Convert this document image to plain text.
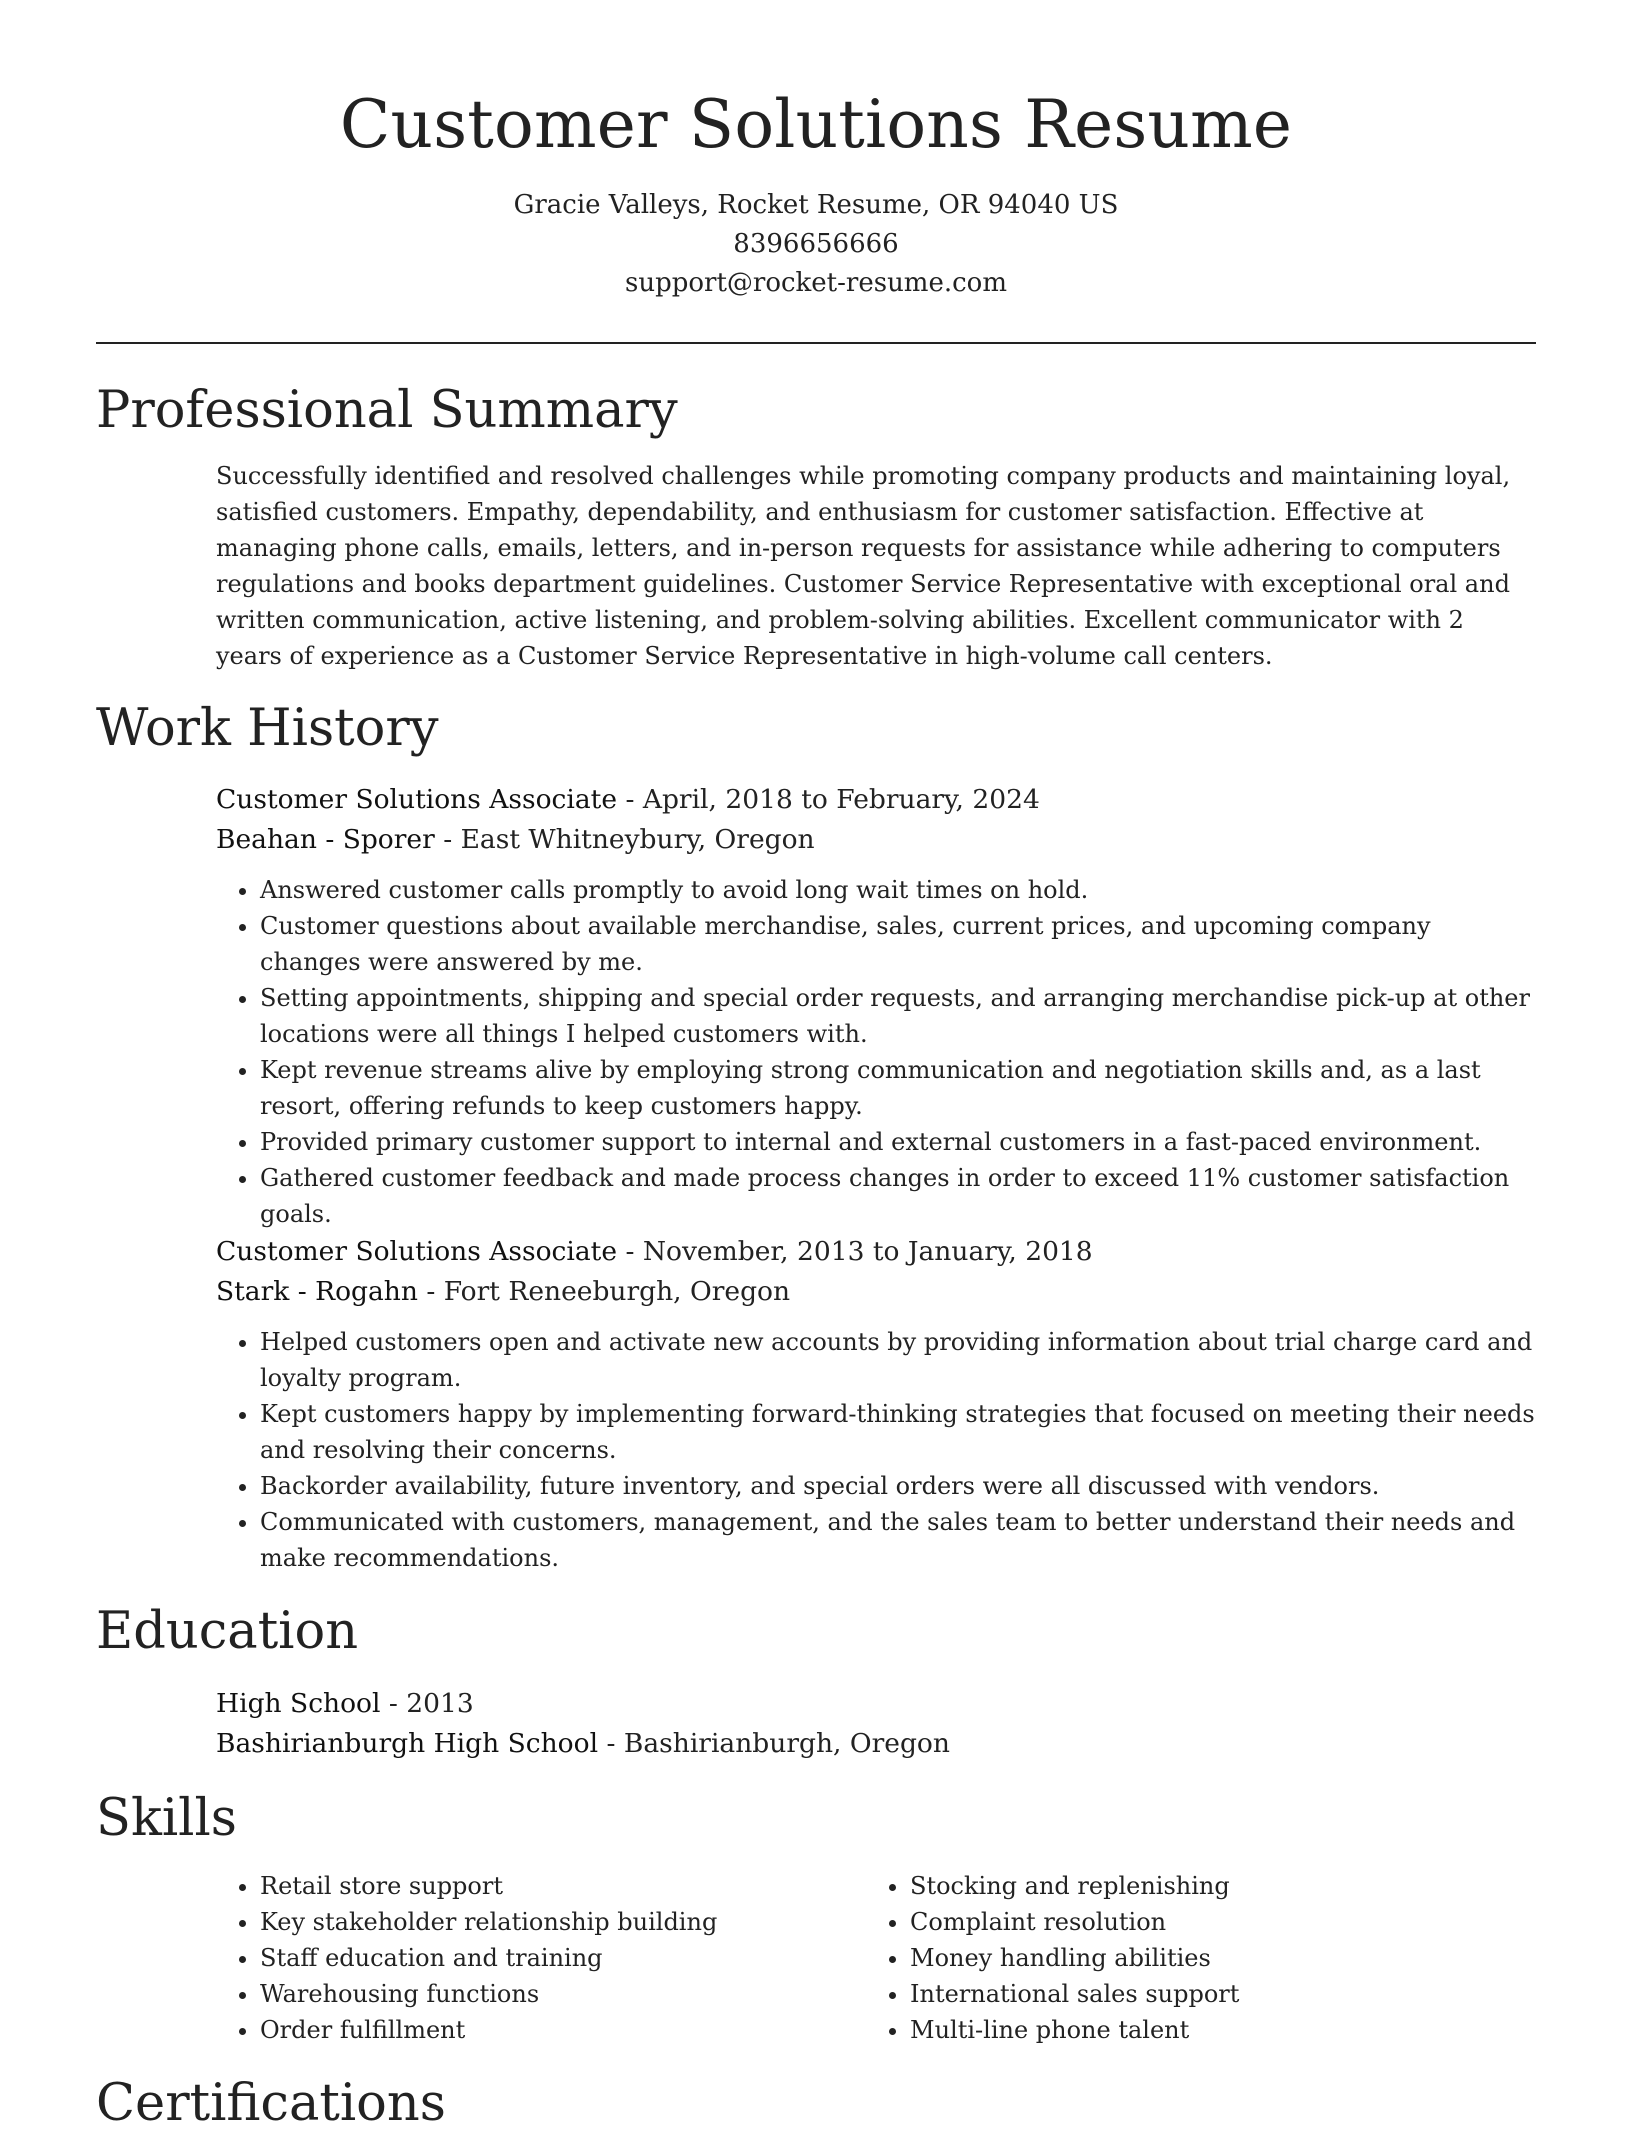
Customer Solutions Resume
Gracie Valleys, Rocket Resume, OR 94040 US
8396656666
support@rocket-resume.com
Professional Summary
Successfully identified and resolved challenges while promoting company products and maintaining loyal, satisfied customers. Empathy, dependability, and enthusiasm for customer satisfaction. Effective at managing phone calls, emails, letters, and in-person requests for assistance while adhering to computers regulations and books department guidelines. Customer Service Representative with exceptional oral and written communication, active listening, and problem-solving abilities. Excellent communicator with 2 years of experience as a Customer Service Representative in high-volume call centers.
Work History
Customer Solutions Associate - April, 2018 to February, 2024
Beahan - Sporer - East Whitneybury, Oregon
• Answered customer calls promptly to avoid long wait times on hold.
• Customer questions about available merchandise, sales, current prices, and upcoming company changes were answered by me.
• Setting appointments, shipping and special order requests, and arranging merchandise pick-up at other locations were all things I helped customers with.
• Kept revenue streams alive by employing strong communication and negotiation skills and, as a last resort, offering refunds to keep customers happy.
• Provided primary customer support to internal and external customers in a fast-paced environment.
• Gathered customer feedback and made process changes in order to exceed 11% customer satisfaction goals.
Customer Solutions Associate - November, 2013 to January, 2018
Stark - Rogahn - Fort Reneeburgh, Oregon
• Helped customers open and activate new accounts by providing information about trial charge card and loyalty program.
• Kept customers happy by implementing forward-thinking strategies that focused on meeting their needs and resolving their concerns.
• Backorder availability, future inventory, and special orders were all discussed with vendors.
• Communicated with customers, management, and the sales team to better understand their needs and make recommendations.
Education
High School - 2013
Bashirianburgh High School - Bashirianburgh, Oregon
Skills
• Retail store support
• Key stakeholder relationship building
• Staff education and training
• Warehousing functions
• Order fulfillment
• Stocking and replenishing
• Complaint resolution
• Money handling abilities
• International sales support
• Multi-line phone talent
Certifications
